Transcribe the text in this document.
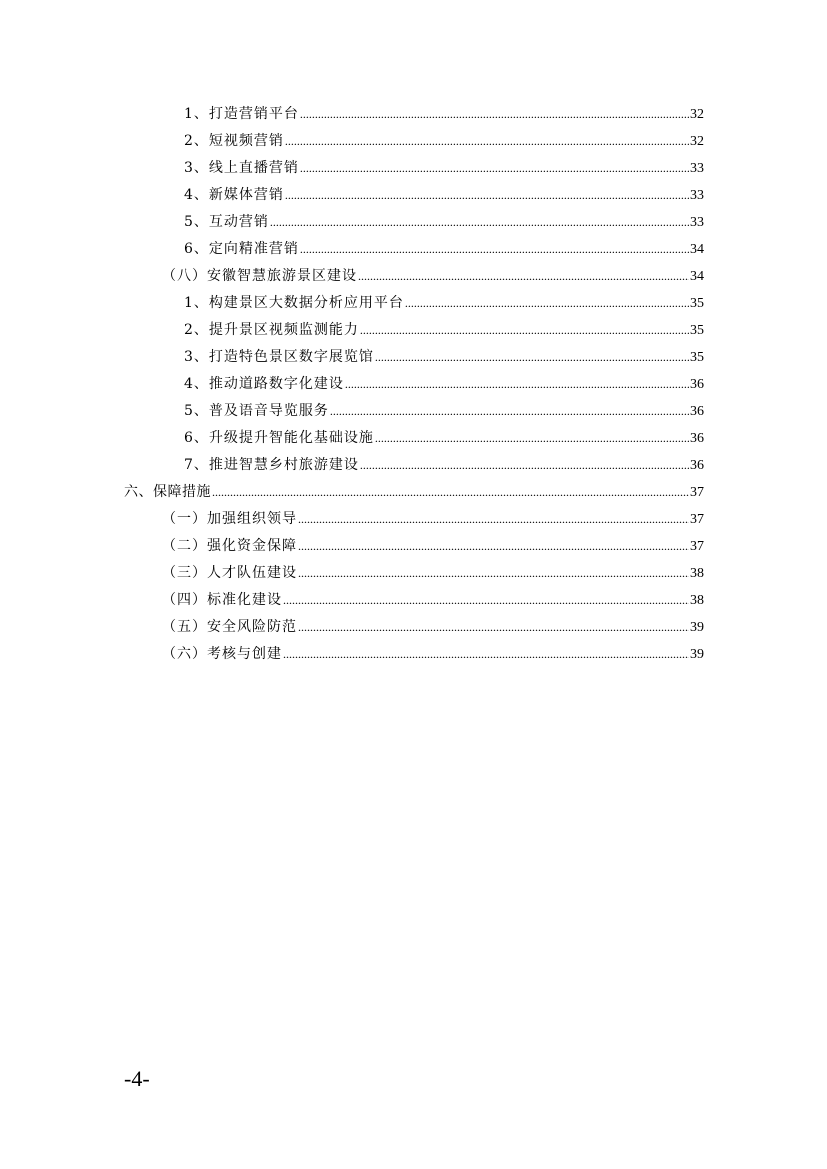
1、打造营销平台 .....	32
2、短视频营销 .....	32
3、线上直播营销 .....	33
4、新媒体营销 .....	33
5、互动营销 .....	33
6、定向精准营销 .....	34
（八）安徽智慧旅游景区建设 .....	34
1、构建景区大数据分析应用平台 .....	35
2、提升景区视频监测能力 .....	35
3、打造特色景区数字展览馆 .....	35
4、推动道路数字化建设 .....	36
5、普及语音导览服务 .....	36
6、升级提升智能化基础设施 .....	36
7、推进智慧乡村旅游建设 .....	36
六、保障措施 .....	37
（一）加强组织领导 .....	37
（二）强化资金保障 .....	37
（三）人才队伍建设 .....	38
（四）标准化建设 .....	38
（五）安全风险防范 .....	39
（六）考核与创建 .....	39
-4-
